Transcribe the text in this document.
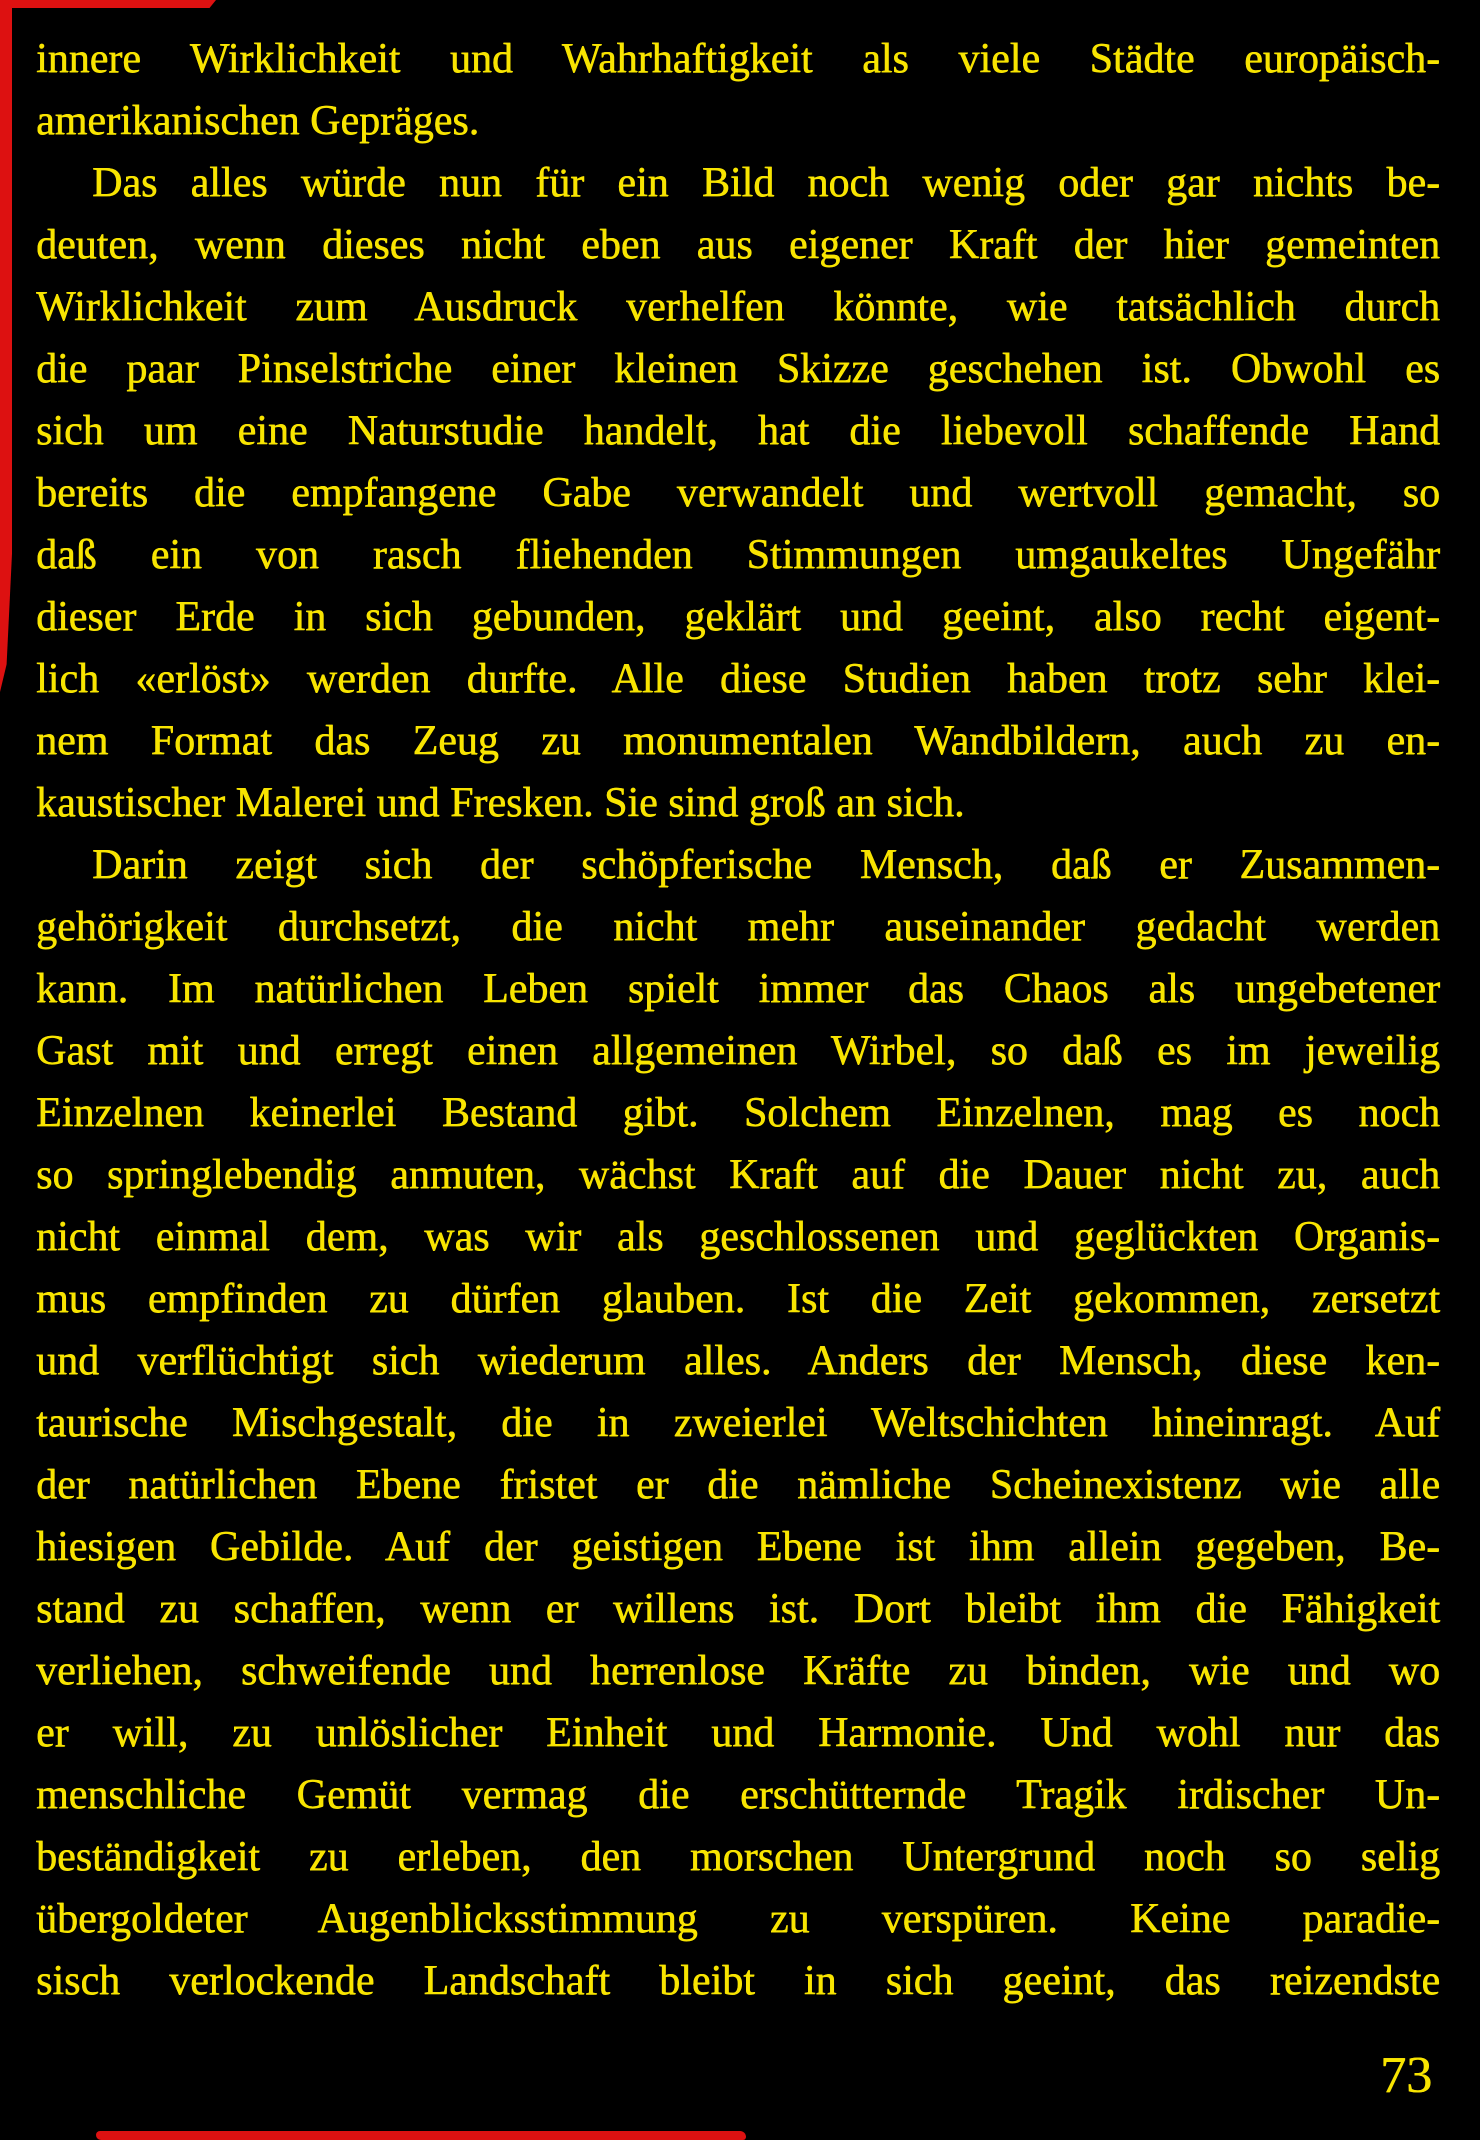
innere Wirklichkeit und Wahrhaftigkeit als viele Städte europäisch-
amerikanischen Gepräges.
Das alles würde nun für ein Bild noch wenig oder gar nichts be-
deuten, wenn dieses nicht eben aus eigener Kraft der hier gemeinten
Wirklichkeit zum Ausdruck verhelfen könnte, wie tatsächlich durch
die paar Pinselstriche einer kleinen Skizze geschehen ist. Obwohl es
sich um eine Naturstudie handelt, hat die liebevoll schaffende Hand
bereits die empfangene Gabe verwandelt und wertvoll gemacht, so
daß ein von rasch fliehenden Stimmungen umgaukeltes Ungefähr
dieser Erde in sich gebunden, geklärt und geeint, also recht eigent-
lich «erlöst» werden durfte. Alle diese Studien haben trotz sehr klei-
nem Format das Zeug zu monumentalen Wandbildern, auch zu en-
kaustischer Malerei und Fresken. Sie sind groß an sich.
Darin zeigt sich der schöpferische Mensch, daß er Zusammen-
gehörigkeit durchsetzt, die nicht mehr auseinander gedacht werden
kann. Im natürlichen Leben spielt immer das Chaos als ungebetener
Gast mit und erregt einen allgemeinen Wirbel, so daß es im jeweilig
Einzelnen keinerlei Bestand gibt. Solchem Einzelnen, mag es noch
so springlebendig anmuten, wächst Kraft auf die Dauer nicht zu, auch
nicht einmal dem, was wir als geschlossenen und geglückten Organis-
mus empfinden zu dürfen glauben. Ist die Zeit gekommen, zersetzt
und verflüchtigt sich wiederum alles. Anders der Mensch, diese ken-
taurische Mischgestalt, die in zweierlei Weltschichten hineinragt. Auf
der natürlichen Ebene fristet er die nämliche Scheinexistenz wie alle
hiesigen Gebilde. Auf der geistigen Ebene ist ihm allein gegeben, Be-
stand zu schaffen, wenn er willens ist. Dort bleibt ihm die Fähigkeit
verliehen, schweifende und herrenlose Kräfte zu binden, wie und wo
er will, zu unlöslicher Einheit und Harmonie. Und wohl nur das
menschliche Gemüt vermag die erschütternde Tragik irdischer Un-
beständigkeit zu erleben, den morschen Untergrund noch so selig
übergoldeter Augenblicksstimmung zu verspüren. Keine paradie-
sisch verlockende Landschaft bleibt in sich geeint, das reizendste
73
